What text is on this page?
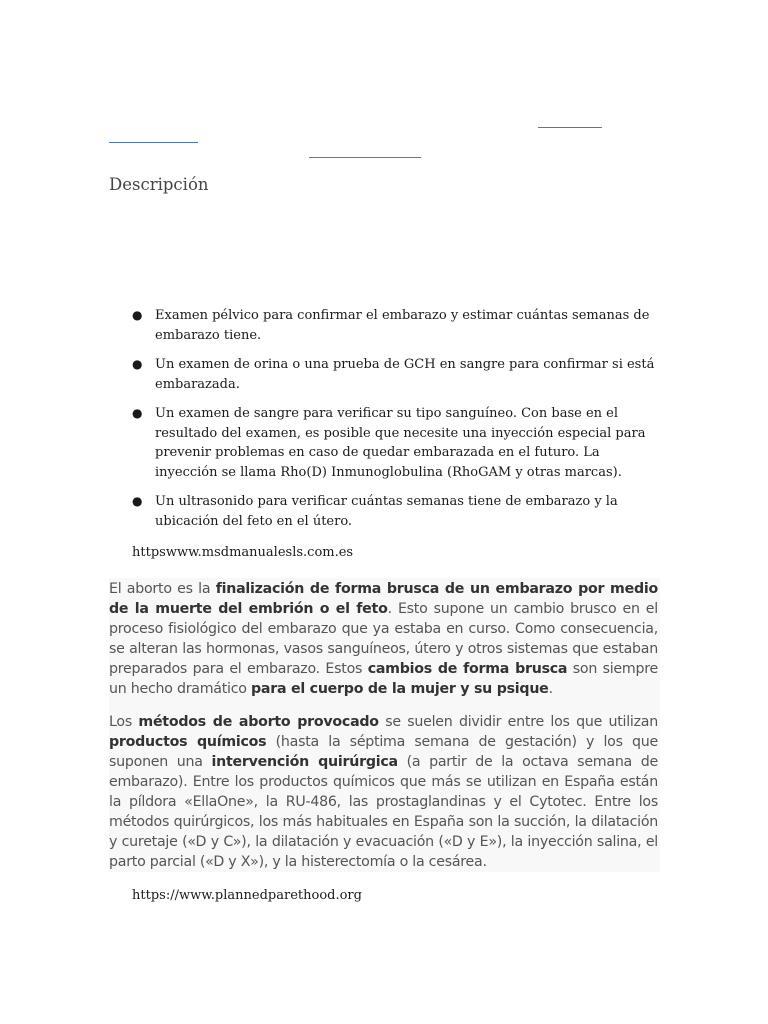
Descripción
● Examen pélvico para confirmar el embarazo y estimar cuántas semanas de embarazo tiene.
● Un examen de orina o una prueba de GCH en sangre para confirmar si está embarazada.
● Un examen de sangre para verificar su tipo sanguíneo. Con base en el resultado del examen, es posible que necesite una inyección especial para prevenir problemas en caso de quedar embarazada en el futuro. La inyección se llama Rho(D) Inmunoglobulina (RhoGAM y otras marcas).
● Un ultrasonido para verificar cuántas semanas tiene de embarazo y la ubicación del feto en el útero.

httpswww.msdmanualesls.com.es

El aborto es la finalización de forma brusca de un embarazo por medio de la muerte del embrión o el feto. Esto supone un cambio brusco en el proceso fisiológico del embarazo que ya estaba en curso. Como consecuencia, se alteran las hormonas, vasos sanguíneos, útero y otros sistemas que estaban preparados para el embarazo. Estos cambios de forma brusca son siempre un hecho dramático para el cuerpo de la mujer y su psique.

Los métodos de aborto provocado se suelen dividir entre los que utilizan productos químicos (hasta la séptima semana de gestación) y los que suponen una intervención quirúrgica (a partir de la octava semana de embarazo). Entre los productos químicos que más se utilizan en España están la píldora «EllaOne», la RU-486, las prostaglandinas y el Cytotec. Entre los métodos quirúrgicos, los más habituales en España son la succión, la dilatación y curetaje («D y C»), la dilatación y evacuación («D y E»), la inyección salina, el parto parcial («D y X»), y la histerectomía o la cesárea.

https://www.plannedparethood.org
